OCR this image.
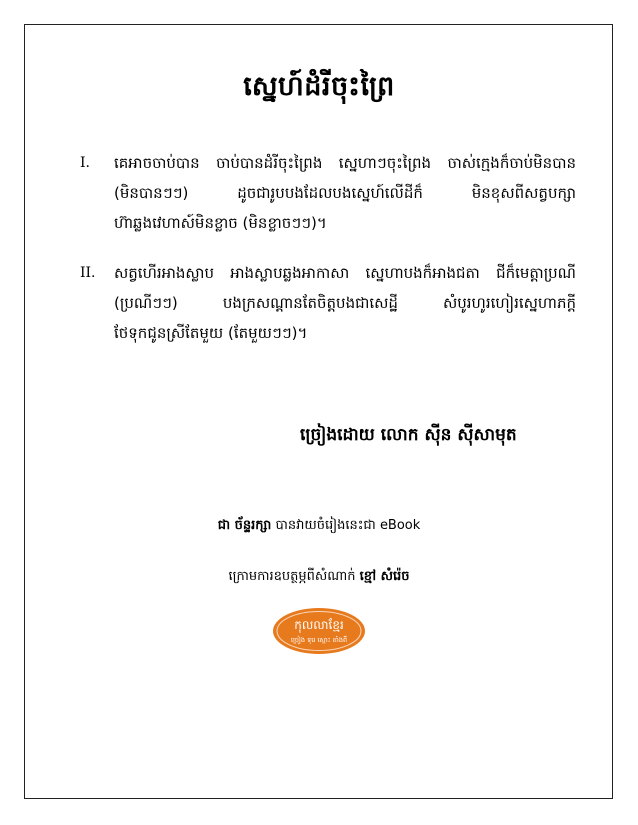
ស្នេហ៍ដំរីចុះព្រៃ
I.	គេអាចចាប់បាន ចាប់បានដំរីចុះព្រៃង ស្នេហាៗចុះព្រៃង ចាស់ក្មេងក៏ចាប់មិនបាន
(មិនបានៗៗ) ដូចជារូបបងដែលបងស្នេហ៍លើដីក៏ មិនខុសពីសត្វបក្សា
ហ៊ាឆ្លងវេហាស៍មិនខ្លាច (មិនខ្លាចៗៗ)។
II.	សត្វហើរអាងស្លាប អាងស្លាបឆ្លងអាកាសា ស្នេហាបងក៏អាងជតា ជីក៏មេត្តាប្រណី
(ប្រណីៗៗ) បងក្រសណ្ដានតែចិត្តបងជាសេដ្ឋី សំបូរហូរហៀរស្នេហាភក្តី
ថែទុកជូនស្រីតែមួយ (តែមួយៗៗ)។
ច្រៀងដោយ លោក ស៊ីន ស៊ីសាមុត
ជា ច័ន្ទរក្សា បានវាយចំរៀងនេះជា eBook
ក្រោមការឧបត្ថម្ភពីសំណាក់ ខ្មៅ សំរ៉េច
កុលលាខ្មែរ
ច្រៀង ទុរេ ស្មោះ តាំងពី
